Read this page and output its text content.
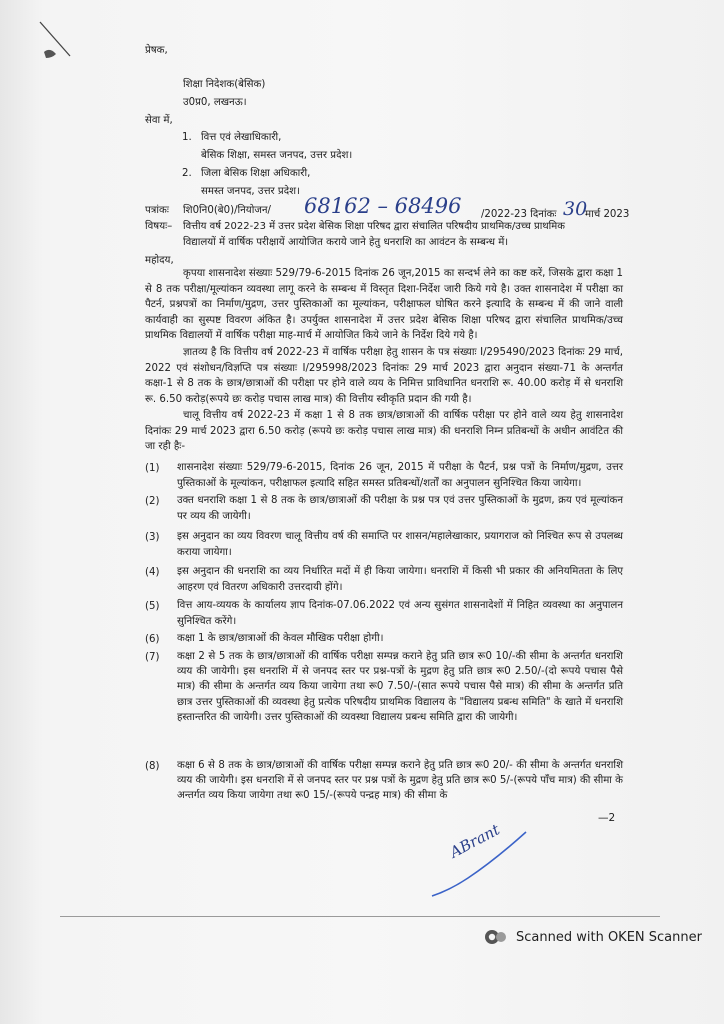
प्रेषक,
शिक्षा निदेशक(बेसिक)
उ0प्र0, लखनऊ।
सेवा में,
1. वित्त एवं लेखाधिकारी,
बेसिक शिक्षा, समस्त जनपद, उत्तर प्रदेश।
2. जिला बेसिक शिक्षा अधिकारी,
समस्त जनपद, उत्तर प्रदेश।
पत्रांकः शि0नि0(बे0)/नियोजन/ 68162 – 68496 /2022-23 दिनांकः 30
मार्च 2023
विषयः– वित्तीय वर्ष 2022-23 में उत्तर प्रदेश बेसिक शिक्षा परिषद द्वारा संचालित परिषदीय प्राथमिक/उच्च प्राथमिक
विद्यालयों में वार्षिक परीक्षायें आयोजित कराये जाने हेतु धनराशि का आवंटन के सम्बन्ध में।
महोदय,
कृपया शासनादेश संख्याः 529/79-6-2015 दिनांक 26 जून,2015 का सन्दर्भ लेने का कष्ट करें, जिसके द्वारा कक्षा 1 से 8 तक परीक्षा/मूल्यांकन व्यवस्था लागू करने के सम्बन्ध में विस्तृत दिशा-निर्देश जारी किये गये है। उक्त शासनादेश में परीक्षा का पैटर्न, प्रश्नपत्रों का निर्माण/मुद्रण, उत्तर पुस्तिकाओं का मूल्यांकन, परीक्षाफल घोषित करने इत्यादि के सम्बन्ध में की जाने वाली कार्यवाही का सुस्पष्ट विवरण अंकित है। उपर्युक्त शासनादेश में उत्तर प्रदेश बेसिक शिक्षा परिषद द्वारा संचालित प्राथमिक/उच्च प्राथमिक विद्यालयों में वार्षिक परीक्षा माह-मार्च में आयोजित किये जाने के निर्देश दिये गये है।
ज्ञातव्य है कि वित्तीय वर्ष 2022-23 में वार्षिक परीक्षा हेतु शासन के पत्र संख्याः I/295490/2023 दिनांकः 29 मार्च, 2022 एवं संशोधन/विज्ञप्ति पत्र संख्याः I/295998/2023 दिनांकः 29 मार्च 2023 द्वारा अनुदान संख्या-71 के अन्तर्गत कक्षा-1 से 8 तक के छात्र/छात्राओं की परीक्षा पर होने वाले व्यय के निमित्त प्राविधानित धनराशि रू. 40.00 करोड़ में से धनराशि रू. 6.50 करोड़(रूपये छः करोड़ पचास लाख मात्र) की वित्तीय स्वीकृति प्रदान की गयी है।
चालू वित्तीय वर्ष 2022-23 में कक्षा 1 से 8 तक छात्र/छात्राओं की वार्षिक परीक्षा पर होने वाले व्यय हेतु शासनादेश दिनांकः 29 मार्च 2023 द्वारा 6.50 करोड़ (रूपये छः करोड़ पचास लाख मात्र) की धनराशि निम्न प्रतिबन्धों के अधीन आवंटित की जा रही हैः-
(1) शासनादेश संख्याः 529/79-6-2015, दिनांक 26 जून, 2015 में परीक्षा के पैटर्न, प्रश्न पत्रों के निर्माण/मुद्रण, उत्तर पुस्तिकाओं के मूल्यांकन, परीक्षाफल इत्यादि सहित समस्त प्रतिबन्धों/शर्तों का अनुपालन सुनिश्चित किया जायेगा।
(2) उक्त धनराशि कक्षा 1 से 8 तक के छात्र/छात्राओं की परीक्षा के प्रश्न पत्र एवं उत्तर पुस्तिकाओं के मुद्रण, क्रय एवं मूल्यांकन पर व्यय की जायेगी।
(3) इस अनुदान का व्यय विवरण चालू वित्तीय वर्ष की समाप्ति पर शासन/महालेखाकार, प्रयागराज को निश्चित रूप से उपलब्ध कराया जायेगा।
(4) इस अनुदान की धनराशि का व्यय निर्धारित मदों में ही किया जायेगा। धनराशि में किसी भी प्रकार की अनियमितता के लिए आहरण एवं वितरण अधिकारी उत्तरदायी होंगे।
(5) वित्त आय-व्ययक के कार्यालय ज्ञाप दिनांक-07.06.2022 एवं अन्य सुसंगत शासनादेशों में निहित व्यवस्था का अनुपालन सुनिश्चित करेंगे।
(6) कक्षा 1 के छात्र/छात्राओं की केवल मौखिक परीक्षा होगी।
(7) कक्षा 2 से 5 तक के छात्र/छात्राओं की वार्षिक परीक्षा सम्पन्न कराने हेतु प्रति छात्र रू0 10/-की सीमा के अन्तर्गत धनराशि व्यय की जायेगी। इस धनराशि में से जनपद स्तर पर प्रश्न-पत्रों के मुद्रण हेतु प्रति छात्र रू0 2.50/-(दो रूपये पचास पैसे मात्र) की सीमा के अन्तर्गत व्यय किया जायेगा तथा रू0 7.50/-(सात रूपये पचास पैसे मात्र) की सीमा के अन्तर्गत प्रति छात्र उत्तर पुस्तिकाओं की व्यवस्था हेतु प्रत्येक परिषदीय प्राथमिक विद्यालय के "विद्यालय प्रबन्ध समिति" के खाते में धनराशि हस्तान्तरित की जायेगी। उत्तर पुस्तिकाओं की व्यवस्था विद्यालय प्रबन्ध समिति द्वारा की जायेगी।
(8) कक्षा 6 से 8 तक के छात्र/छात्राओं की वार्षिक परीक्षा सम्पन्न कराने हेतु प्रति छात्र रू0 20/- की सीमा के अन्तर्गत धनराशि व्यय की जायेगी। इस धनराशि में से जनपद स्तर पर प्रश्न पत्रों के मुद्रण हेतु प्रति छात्र रू0 5/-(रूपये पाँच मात्र) की सीमा के अन्तर्गत व्यय किया जायेगा तथा रू0 15/-(रूपये पन्द्रह मात्र) की सीमा के
—2
ABrant
Scanned with OKEN Scanner
